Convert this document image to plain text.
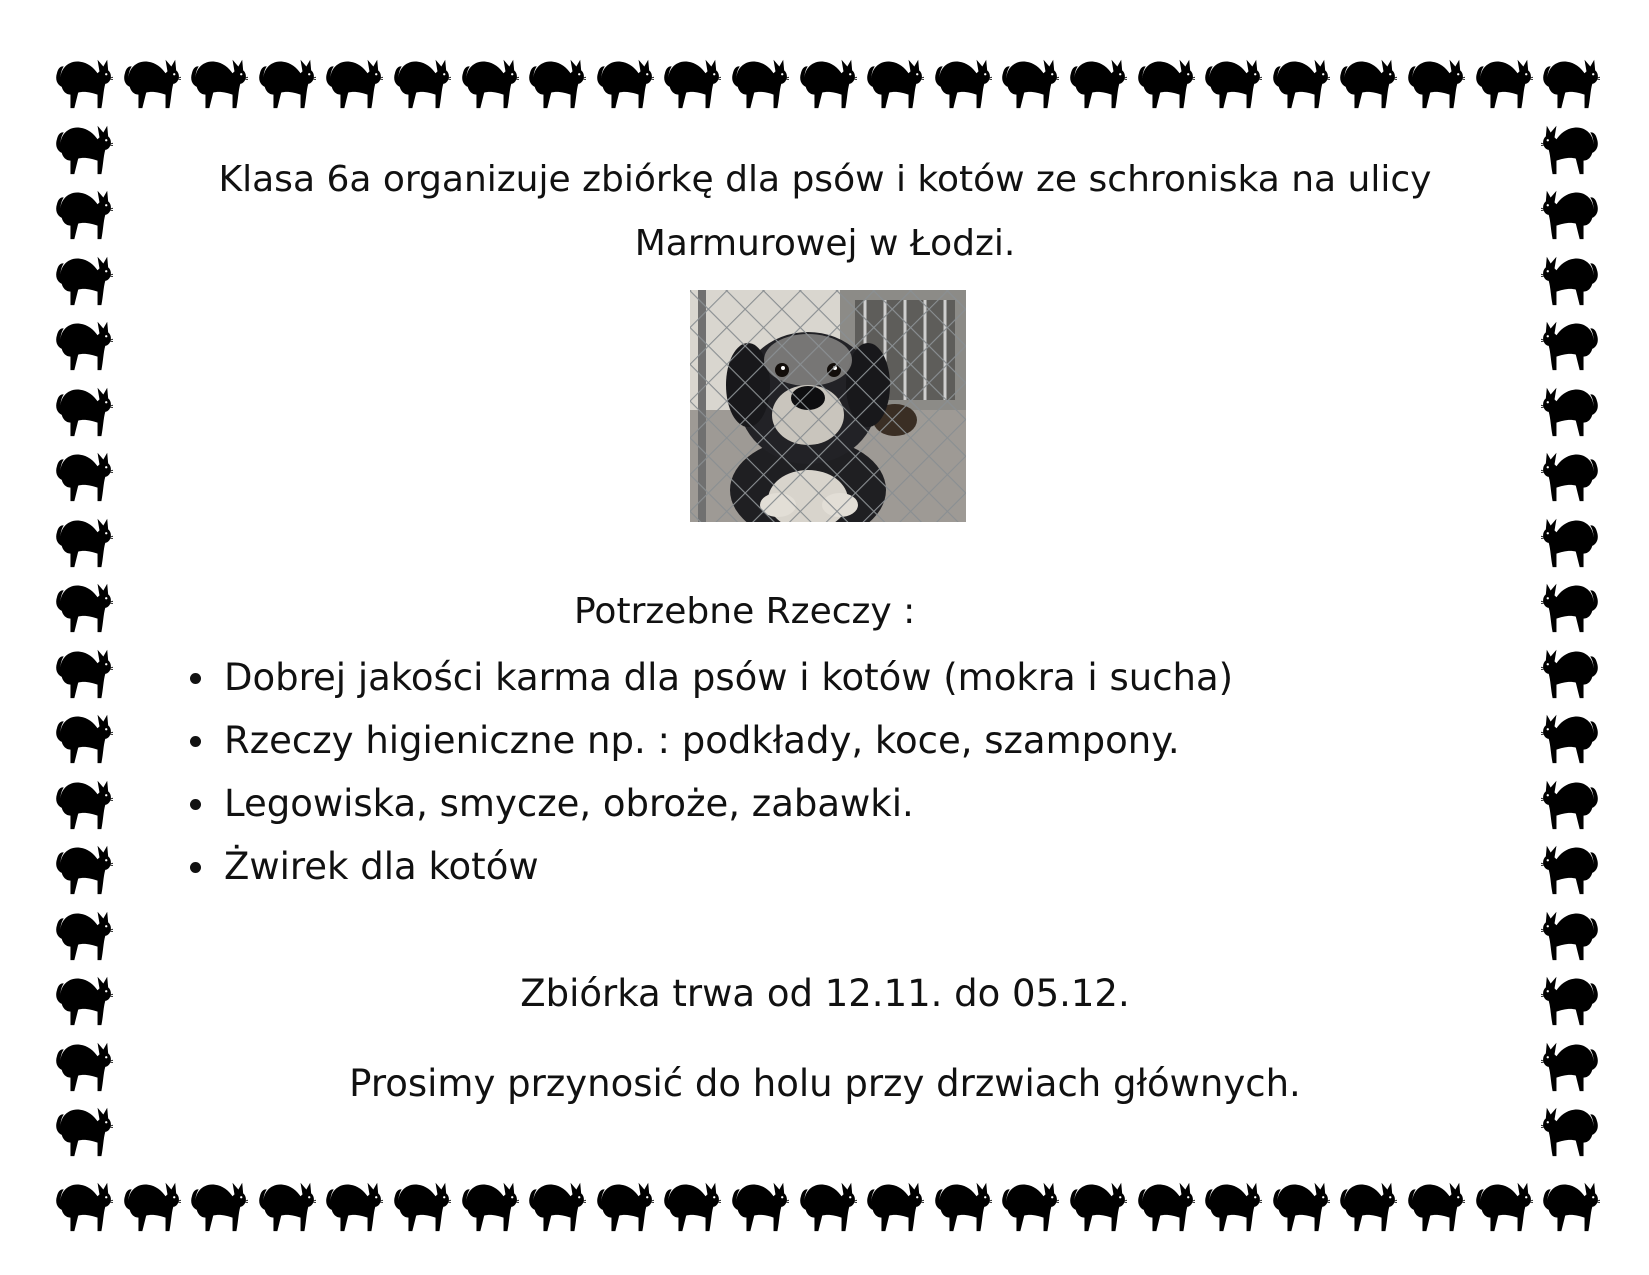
Klasa 6a organizuje zbiórkę dla psów i kotów ze schroniska na ulicy
Marmurowej w Łodzi.
Potrzebne Rzeczy :
Dobrej jakości karma dla psów i kotów (mokra i sucha)
Rzeczy higieniczne np. : podkłady, koce, szampony.
Legowiska, smycze, obroże, zabawki.
Żwirek dla kotów
Zbiórka trwa od 12.11. do 05.12.
Prosimy przynosić do holu przy drzwiach głównych.
